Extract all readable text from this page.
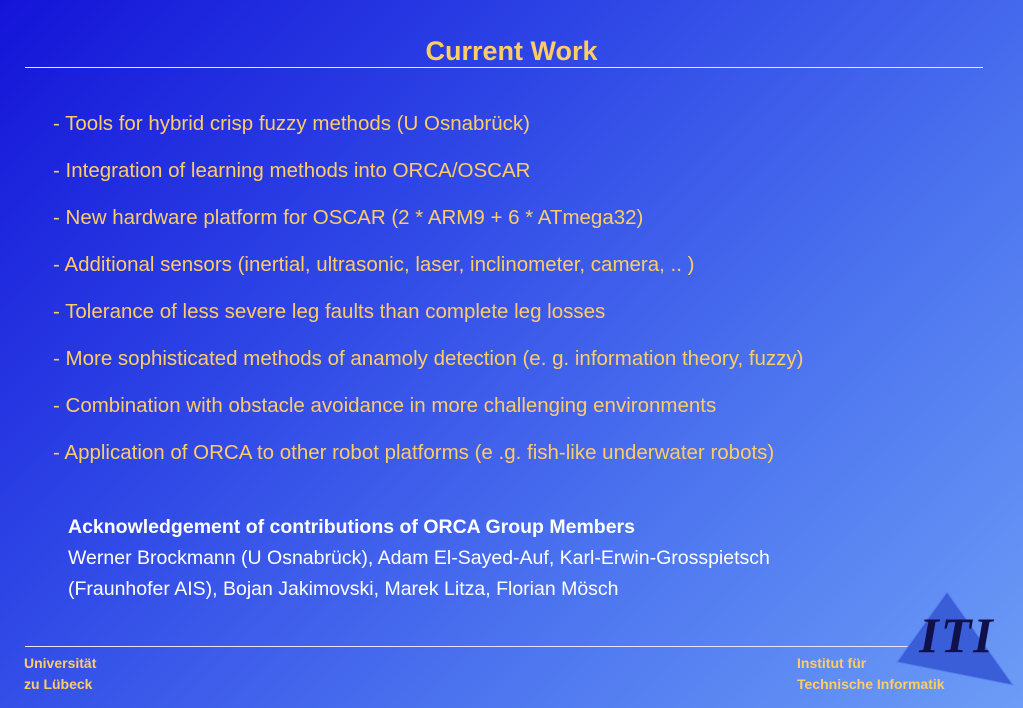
Current Work
- Tools for hybrid crisp fuzzy methods (U Osnabrück)
- Integration of learning methods into ORCA/OSCAR
- New hardware platform for OSCAR (2 * ARM9 + 6 * ATmega32)
- Additional sensors (inertial, ultrasonic, laser, inclinometer, camera, .. )
- Tolerance of less severe leg faults than complete leg losses
- More sophisticated methods of anamoly detection (e. g. information theory, fuzzy)
- Combination with obstacle avoidance in more challenging environments
- Application of ORCA to other robot platforms (e .g. fish-like underwater robots)
Acknowledgement of contributions of ORCA Group Members
Werner Brockmann (U Osnabrück), Adam El-Sayed-Auf, Karl-Erwin-Grosspietsch
(Fraunhofer AIS), Bojan Jakimovski, Marek Litza, Florian Mösch
Universität
zu Lübeck
ITI
Institut für
Technische Informatik
